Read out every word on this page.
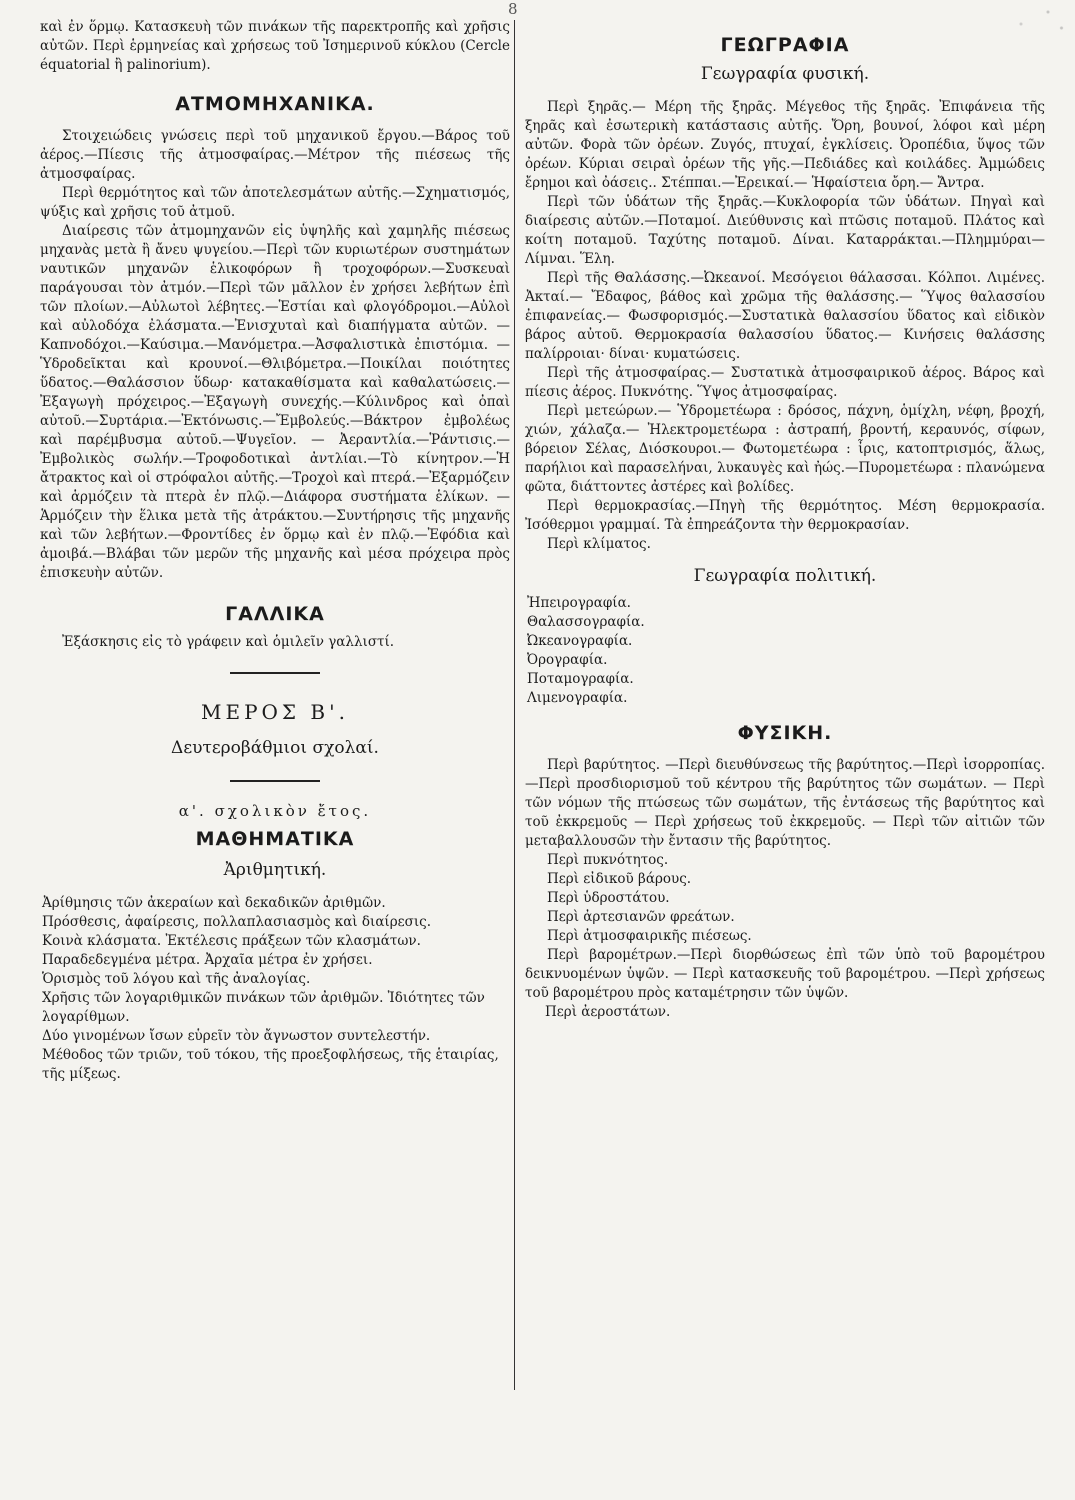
8

καὶ ἐν ὅρμῳ. Κατασκευὴ τῶν πινάκων τῆς παρεκτροπῆς καὶ χρῆσις αὐτῶν. Περὶ ἑρμηνείας καὶ χρήσεως τοῦ Ἰσημερινοῦ κύκλου (Cercle équatorial ἢ palinorium).

ΑΤΜΟΜΗΧΑΝΙΚΑ.

Στοιχειώδεις γνώσεις περὶ τοῦ μηχανικοῦ ἔργου.—Βάρος τοῦ ἀέρος.—Πίεσις τῆς ἀτμοσφαίρας.—Μέτρον τῆς πιέσεως τῆς ἀτμοσφαίρας.

Περὶ θερμότητος καὶ τῶν ἀποτελεσμάτων αὐτῆς.—Σχηματισμός, ψύξις καὶ χρῆσις τοῦ ἀτμοῦ.

Διαίρεσις τῶν ἀτμομηχανῶν εἰς ὑψηλῆς καὶ χαμηλῆς πιέσεως μηχανὰς μετὰ ἢ ἄνευ ψυγείου.—Περὶ τῶν κυριωτέρων συστημάτων ναυτικῶν μηχανῶν ἑλικοφόρων ἢ τροχοφόρων.—Συσκευαὶ παράγουσαι τὸν ἀτμόν.—Περὶ τῶν μᾶλλον ἐν χρήσει λεβήτων ἐπὶ τῶν πλοίων.—Αὐλωτοὶ λέβητες.—Ἑστίαι καὶ φλογόδρομοι.—Αὐλοὶ καὶ αὐλοδόχα ἐλάσματα.—Ἐνισχυταὶ καὶ διαπήγματα αὐτῶν. — Καπνοδόχοι.—Καύσιμα.—Μανόμετρα.—Ἀσφαλιστικὰ ἐπιστόμια. — Ὑδροδεῖκται καὶ κρουνοί.—Θλιβόμετρα.—Ποικίλαι ποιότητες ὕδατος.—Θαλάσσιον ὕδωρ· κατακαθίσματα καὶ καθαλατώσεις.—Ἐξαγωγὴ πρόχειρος.—Ἐξαγωγὴ συνεχής.—Κύλινδρος καὶ ὀπαὶ αὐτοῦ.—Συρτάρια.—Ἐκτόνωσις.—Ἔμβολεύς.—Βάκτρον ἐμβολέως καὶ παρέμβυσμα αὐτοῦ.—Ψυγεῖον. — Ἀεραντλία.—Ῥάντισις.—Ἐμβολικὸς σωλήν.—Τροφοδοτικαὶ ἀντλίαι.—Τὸ κίνητρον.—Ἡ ἄτρακτος καὶ οἱ στρόφαλοι αὐτῆς.—Τροχοὶ καὶ πτερά.—Ἐξαρμόζειν καὶ ἁρμόζειν τὰ πτερὰ ἐν πλῷ.—Διάφορα συστήματα ἑλίκων. — Ἁρμόζειν τὴν ἕλικα μετὰ τῆς ἀτράκτου.—Συντήρησις τῆς μηχανῆς καὶ τῶν λεβήτων.—Φροντίδες ἐν ὅρμῳ καὶ ἐν πλῷ.—Ἐφόδια καὶ ἀμοιβά.—Βλάβαι τῶν μερῶν τῆς μηχανῆς καὶ μέσα πρόχειρα πρὸς ἐπισκευὴν αὐτῶν.

ΓΑΛΛΙΚΑ

Ἐξάσκησις εἰς τὸ γράφειν καὶ ὁμιλεῖν γαλλιστί.

ΜΕΡΟΣ Β'.
Δευτεροβάθμιοι σχολαί.
α'. σχολικὸν ἔτος.
ΜΑΘΗΜΑΤΙΚΑ
Ἀριθμητική.
Ἀρίθμησις τῶν ἀκεραίων καὶ δεκαδικῶν ἀριθμῶν.
Πρόσθεσις, ἀφαίρεσις, πολλαπλασιασμὸς καὶ διαίρεσις.
Κοινὰ κλάσματα. Ἐκτέλεσις πράξεων τῶν κλασμάτων.
Παραδεδεγμένα μέτρα. Ἀρχαῖα μέτρα ἐν χρήσει.
Ὁρισμὸς τοῦ λόγου καὶ τῆς ἀναλογίας.
Χρῆσις τῶν λογαριθμικῶν πινάκων τῶν ἀριθμῶν. Ἰδιότητες τῶν λογαρίθμων.
Δύο γινομένων ἴσων εὑρεῖν τὸν ἄγνωστον συντελεστήν.
Μέθοδος τῶν τριῶν, τοῦ τόκου, τῆς προεξοφλήσεως, τῆς ἑταιρίας, τῆς μίξεως.
ΓΕΩΓΡΑΦΙΑ
Γεωγραφία φυσική.

Περὶ ξηρᾶς.— Μέρη τῆς ξηρᾶς. Μέγεθος τῆς ξηρᾶς. Ἐπιφάνεια τῆς ξηρᾶς καὶ ἐσωτερικὴ κατάστασις αὐτῆς. Ὄρη, βουνοί, λόφοι καὶ μέρη αὐτῶν. Φορὰ τῶν ὀρέων. Ζυγός, πτυχαί, ἐγκλίσεις. Ὀροπέδια, ὕψος τῶν ὀρέων. Κύριαι σειραὶ ὀρέων τῆς γῆς.—Πεδιάδες καὶ κοιλάδες. Ἀμμώδεις ἔρημοι καὶ ὀάσεις.. Στέππαι.—Ἐρεικαί.— Ἡφαίστεια ὄρη.— Ἄντρα.

Περὶ τῶν ὑδάτων τῆς ξηρᾶς.—Κυκλοφορία τῶν ὑδάτων. Πηγαὶ καὶ διαίρεσις αὐτῶν.—Ποταμοί. Διεύθυνσις καὶ πτῶσις ποταμοῦ. Πλάτος καὶ κοίτη ποταμοῦ. Ταχύτης ποταμοῦ. Δίναι. Καταρράκται.—Πλημμύραι—Λίμναι. Ἕλη.

Περὶ τῆς Θαλάσσης.—Ὠκεανοί. Μεσόγειοι θάλασσαι. Κόλποι. Λιμένες. Ἀκταί.— Ἔδαφος, βάθος καὶ χρῶμα τῆς θαλάσσης.— Ὕψος θαλασσίου ἐπιφανείας.— Φωσφορισμός.—Συστατικὰ θαλασσίου ὕδατος καὶ εἰδικὸν βάρος αὐτοῦ. Θερμοκρασία θαλασσίου ὕδατος.— Κινήσεις θαλάσσης παλίρροιαι· δίναι· κυματώσεις.

Περὶ τῆς ἀτμοσφαίρας.— Συστατικὰ ἀτμοσφαιρικοῦ ἀέρος. Βάρος καὶ πίεσις ἀέρος. Πυκνότης. Ὕψος ἀτμοσφαίρας.

Περὶ μετεώρων.— Ὑδρομετέωρα : δρόσος, πάχνη, ὁμίχλη, νέφη, βροχή, χιών, χάλαζα.— Ἠλεκτρομετέωρα : ἀστραπή, βροντή, κεραυνός, σίφων, βόρειον Σέλας, Διόσκουροι.— Φωτομετέωρα : ἶρις, κατοπτρισμός, ἅλως, παρήλιοι καὶ παρασελήναι, λυκαυγὲς καὶ ἠώς.—Πυρομετέωρα : πλανώμενα φῶτα, διάττοντες ἀστέρες καὶ βολίδες.

Περὶ θερμοκρασίας.—Πηγὴ τῆς θερμότητος. Μέση θερμοκρασία. Ἰσόθερμοι γραμμαί. Τὰ ἐπηρεάζοντα τὴν θερμοκρασίαν.

Περὶ κλίματος.

Γεωγραφία πολιτική.
Ἠπειρογραφία.
Θαλασσογραφία.
Ὠκεανογραφία.
Ὀρογραφία.
Ποταμογραφία.
Λιμενογραφία.
ΦΥΣΙΚΗ.

Περὶ βαρύτητος. —Περὶ διευθύνσεως τῆς βαρύτητος.—Περὶ ἰσορροπίας.—Περὶ προσδιορισμοῦ τοῦ κέντρου τῆς βαρύτητος τῶν σωμάτων. — Περὶ τῶν νόμων τῆς πτώσεως τῶν σωμάτων, τῆς ἐντάσεως τῆς βαρύτητος καὶ τοῦ ἐκκρεμοῦς — Περὶ χρήσεως τοῦ ἐκκρεμοῦς. — Περὶ τῶν αἰτιῶν τῶν μεταβαλλουσῶν τὴν ἔντασιν τῆς βαρύτητος.

Περὶ πυκνότητος.
Περὶ εἰδικοῦ βάρους.
Περὶ ὑδροστάτου.
Περὶ ἀρτεσιανῶν φρεάτων.
Περὶ ἀτμοσφαιρικῆς πιέσεως.

Περὶ βαρομέτρων.—Περὶ διορθώσεως ἐπὶ τῶν ὑπὸ τοῦ βαρομέτρου δεικνυομένων ὑψῶν. — Περὶ κατασκευῆς τοῦ βαρομέτρου. —Περὶ χρήσεως τοῦ βαρομέτρου πρὸς καταμέτρησιν τῶν ὑψῶν.

Περὶ ἀεροστάτων.
